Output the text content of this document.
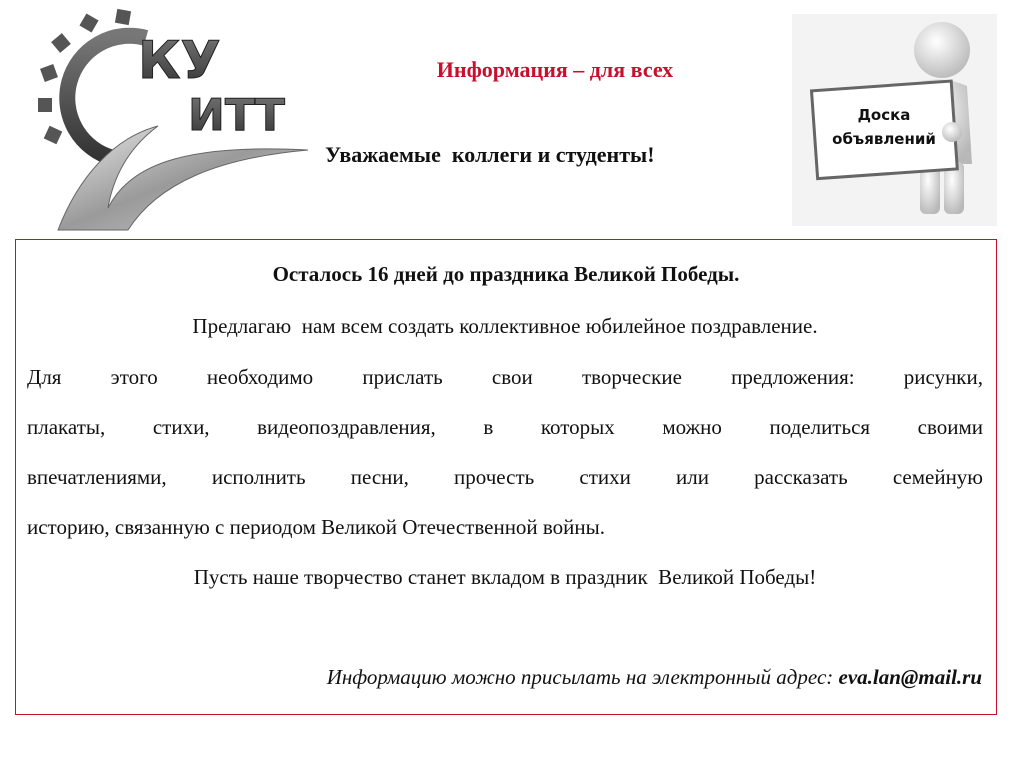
КУ
ИТТ
Информация – для всех
Уважаемые  коллеги и студенты!
Доска
объявлений
Осталось 16 дней до праздника Великой Победы.
Предлагаю  нам всем создать коллективное юбилейное поздравление.
Для этого необходимо прислать свои творческие предложения: рисунки,
плакаты, стихи, видеопоздравления, в которых можно поделиться своими
впечатлениями, исполнить песни, прочесть стихи или рассказать семейную
историю, связанную с периодом Великой Отечественной войны.
Пусть наше творчество станет вкладом в праздник  Великой Победы!
Информацию можно присылать на электронный адрес: eva.lan@mail.ru
